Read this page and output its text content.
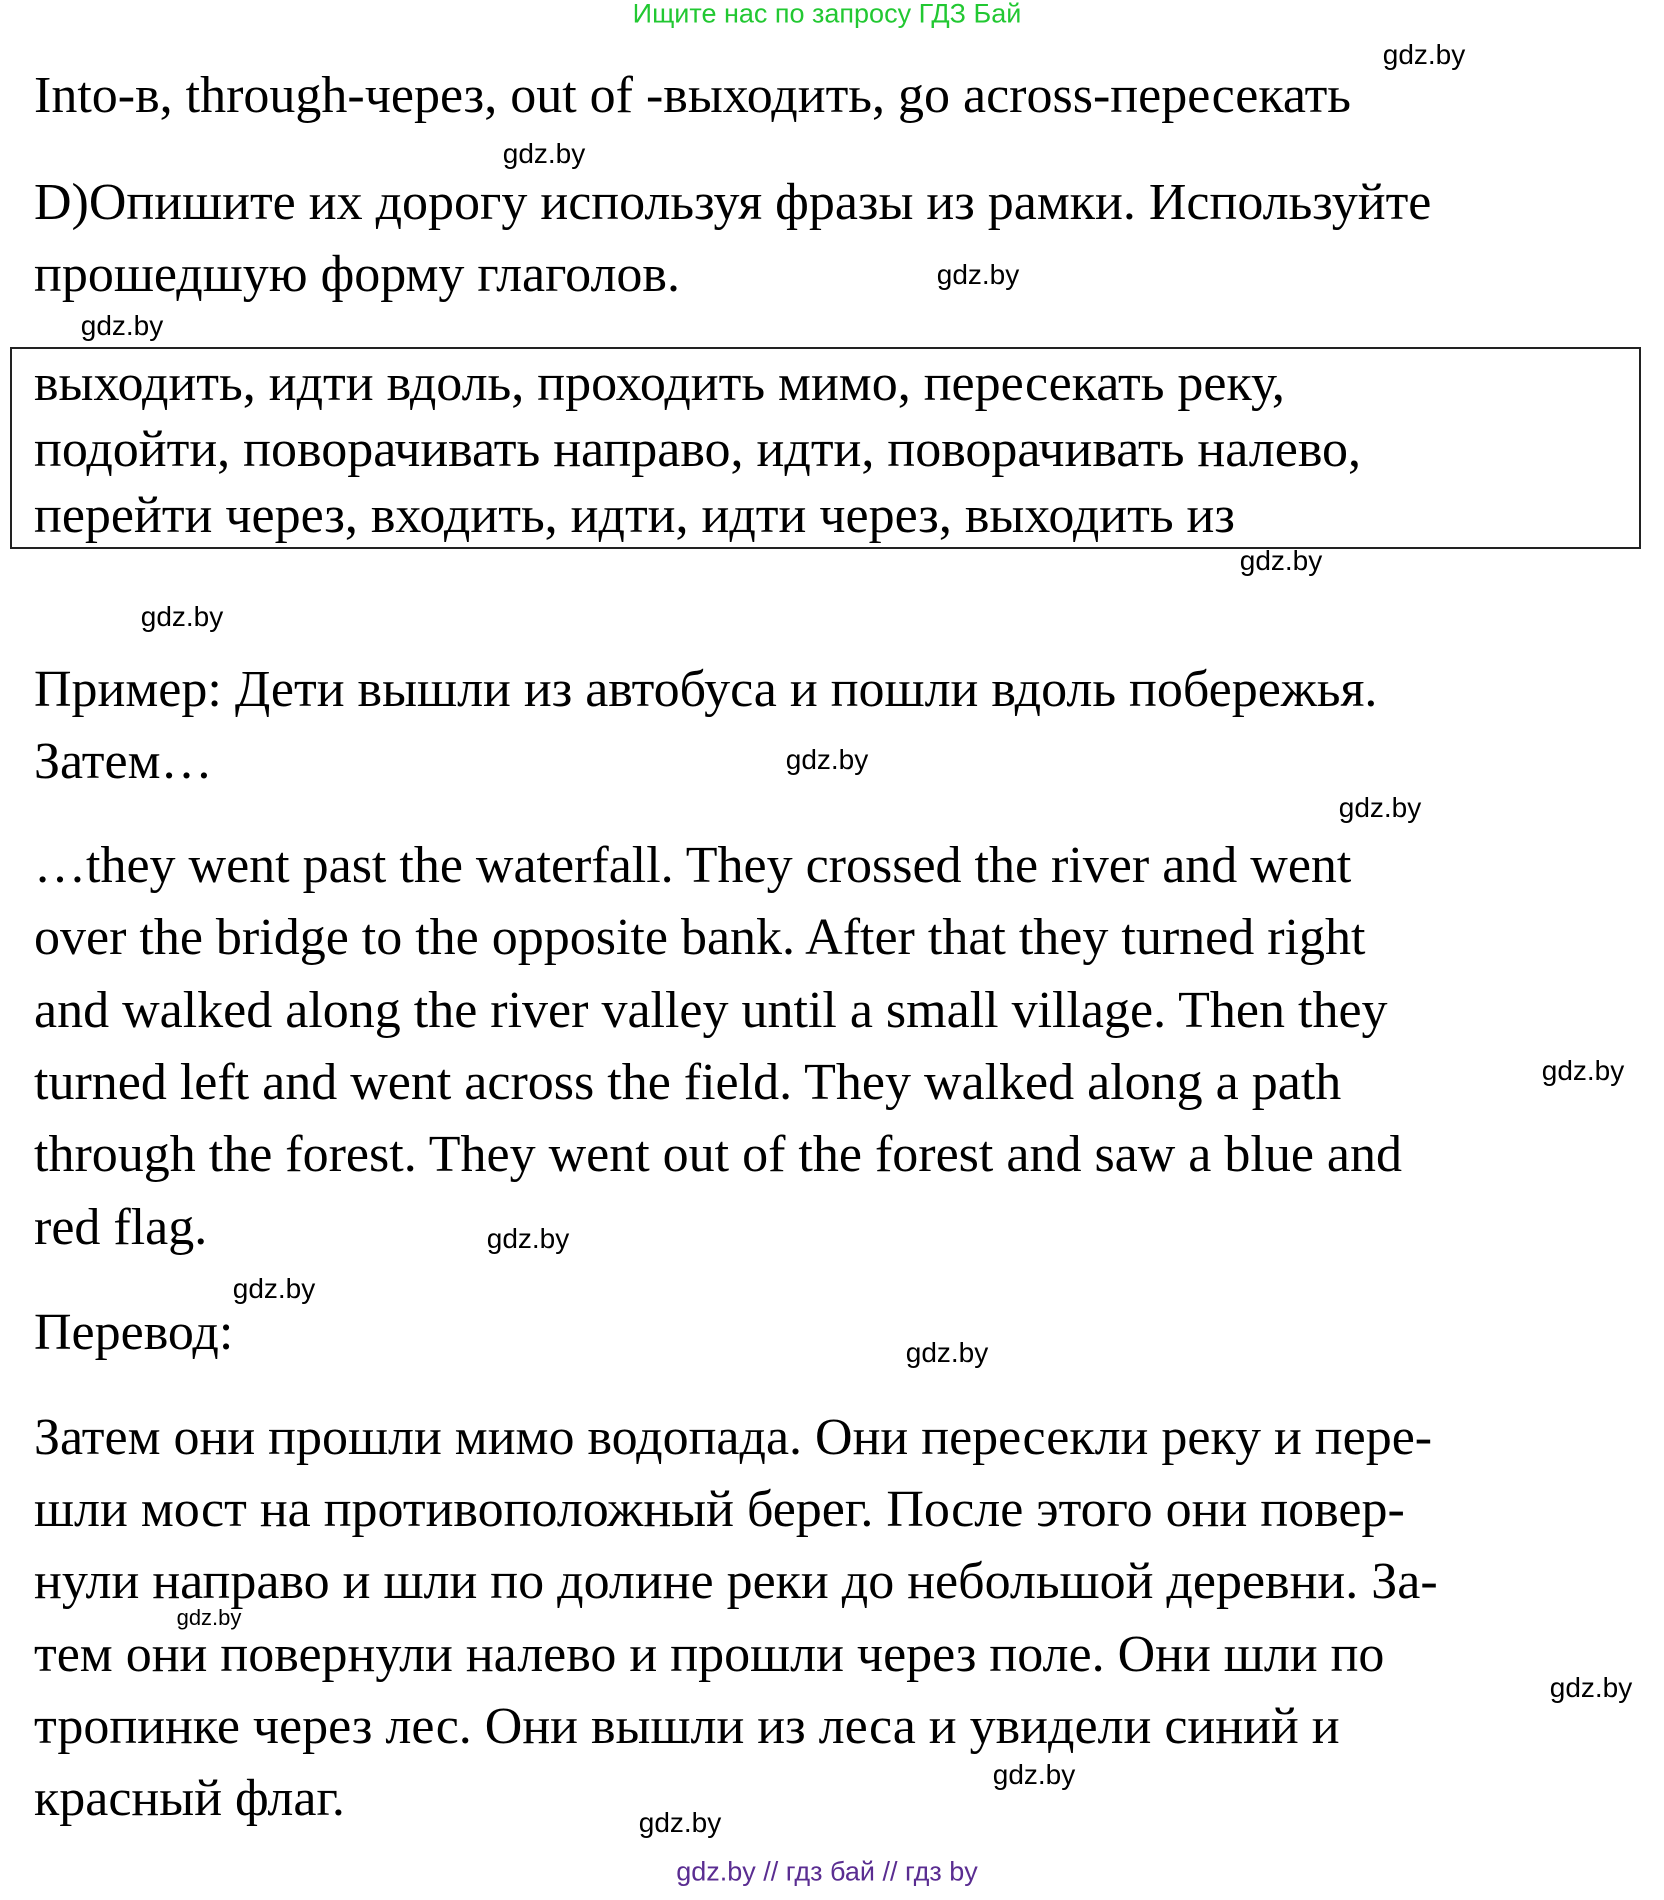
Ищите нас по запросу ГДЗ Бай
Into-в, through-через, out of -выходить, go across-пересекать
D)Опишите их дорогу используя фразы из рамки. Используйте
прошедшую форму глаголов.
выходить, идти вдоль, проходить мимо, пересекать реку,
подойти, поворачивать направо, идти, поворачивать налево,
перейти через, входить, идти, идти через, выходить из
Пример: Дети вышли из автобуса и пошли вдоль побережья.
Затем…
…they went past the waterfall. They crossed the river and went
over the bridge to the opposite bank. After that they turned right
and walked along the river valley until a small village. Then they
turned left and went across the field. They walked along a path
through the forest. They went out of the forest and saw a blue and
red flag.
Перевод:
Затем они прошли мимо водопада. Они пересекли реку и пере-
шли мост на противоположный берег. После этого они повер-
нули направо и шли по долине реки до небольшой деревни. За-
тем они повернули налево и прошли через поле. Они шли по
тропинке через лес. Они вышли из леса и увидели синий и
красный флаг.
gdz.by
gdz.by
gdz.by
gdz.by
gdz.by
gdz.by
gdz.by
gdz.by
gdz.by
gdz.by
gdz.by
gdz.by
gdz.by
gdz.by
gdz.by
gdz.by
gdz.by // гдз бай // гдз by
